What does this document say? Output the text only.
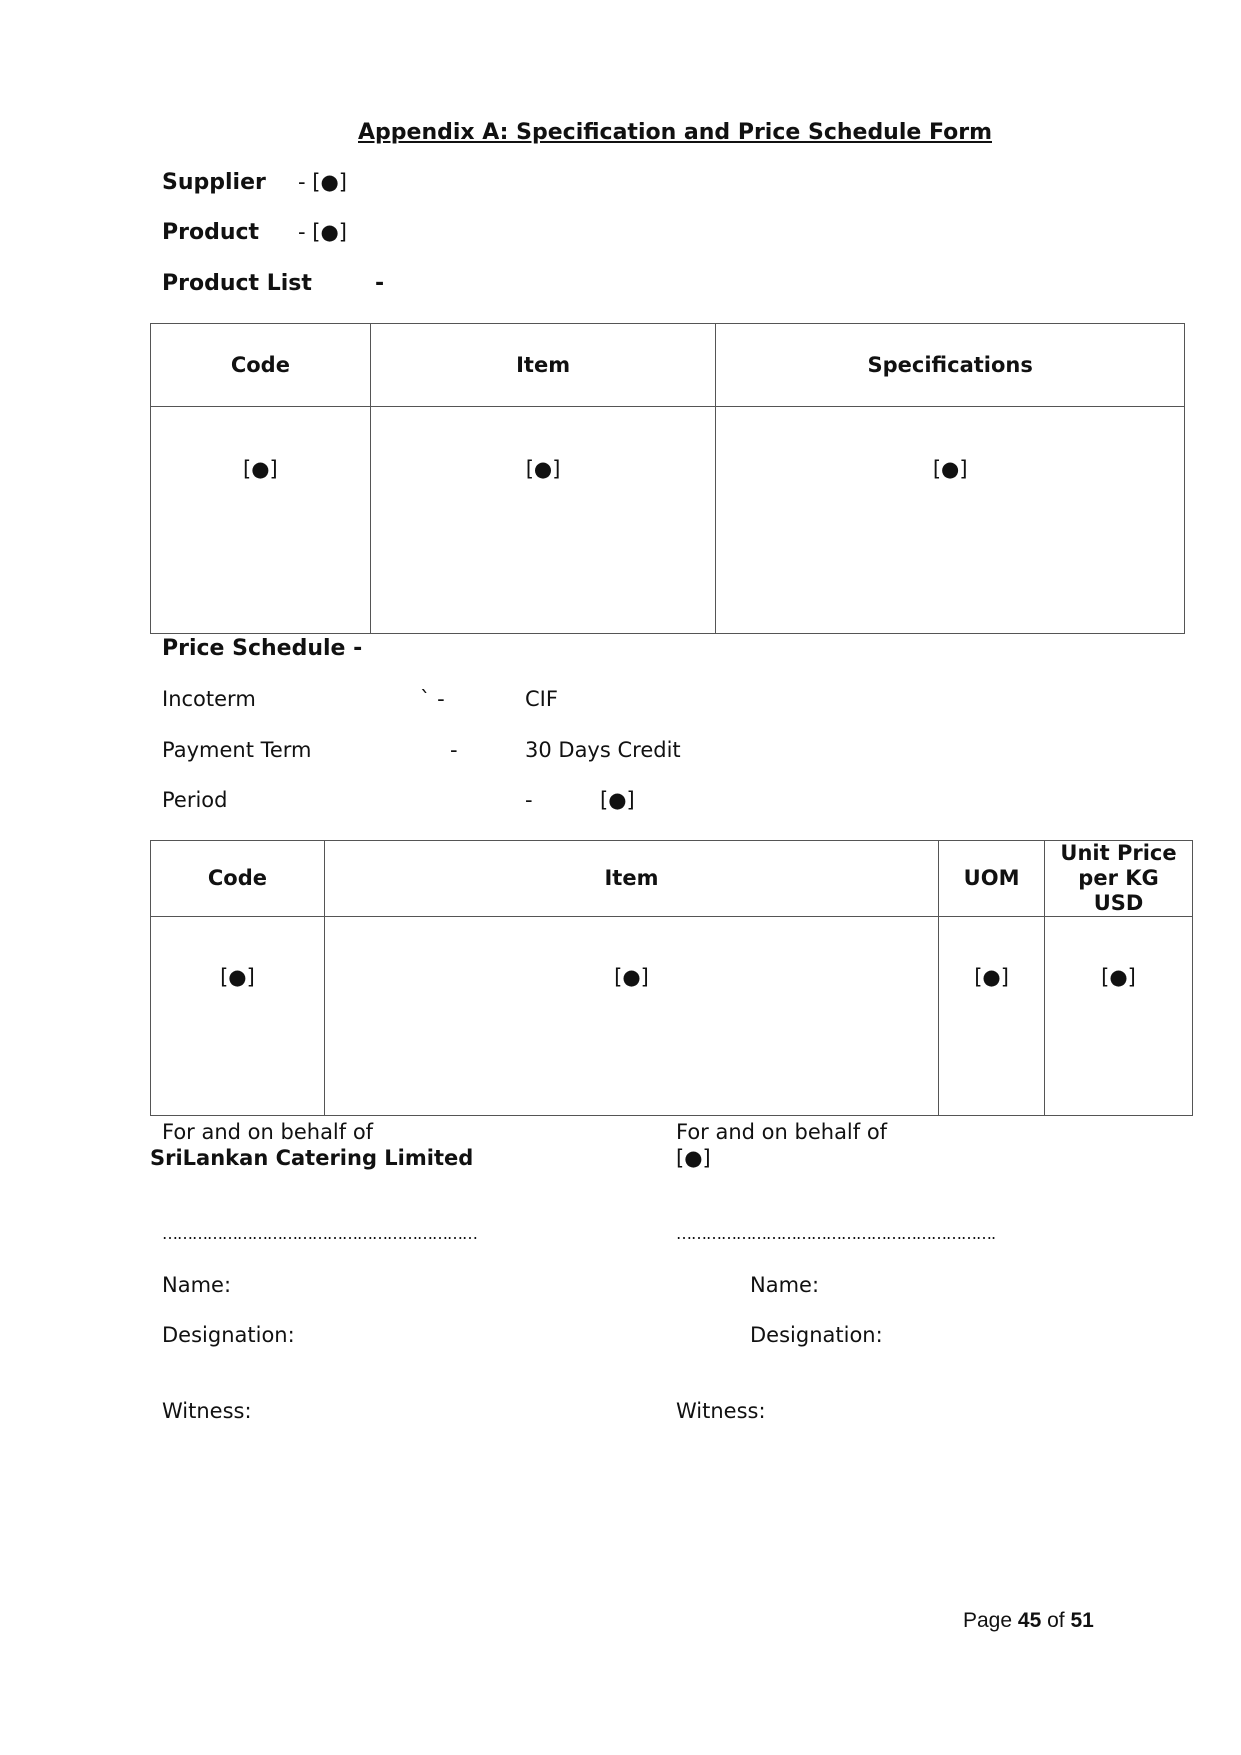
Appendix A: Specification and Price Schedule Form
Supplier - [●]
Product - [●]
Product List	-
Code	Item	Specifications
[●]	[●]	[●]
Price Schedule -
Incoterm	` -	CIF
Payment Term	-	30 Days Credit
Period	-	[●]
Code	Item	UOM	Unit Price per KG USD
[●]	[●]	[●]	[●]
For and on behalf of
SriLankan Catering Limited
For and on behalf of
[●]
………………………………………………………	……………………………………………………….
Name:	Name:
Designation:	Designation:
Witness:	Witness:
Page 45 of 51
